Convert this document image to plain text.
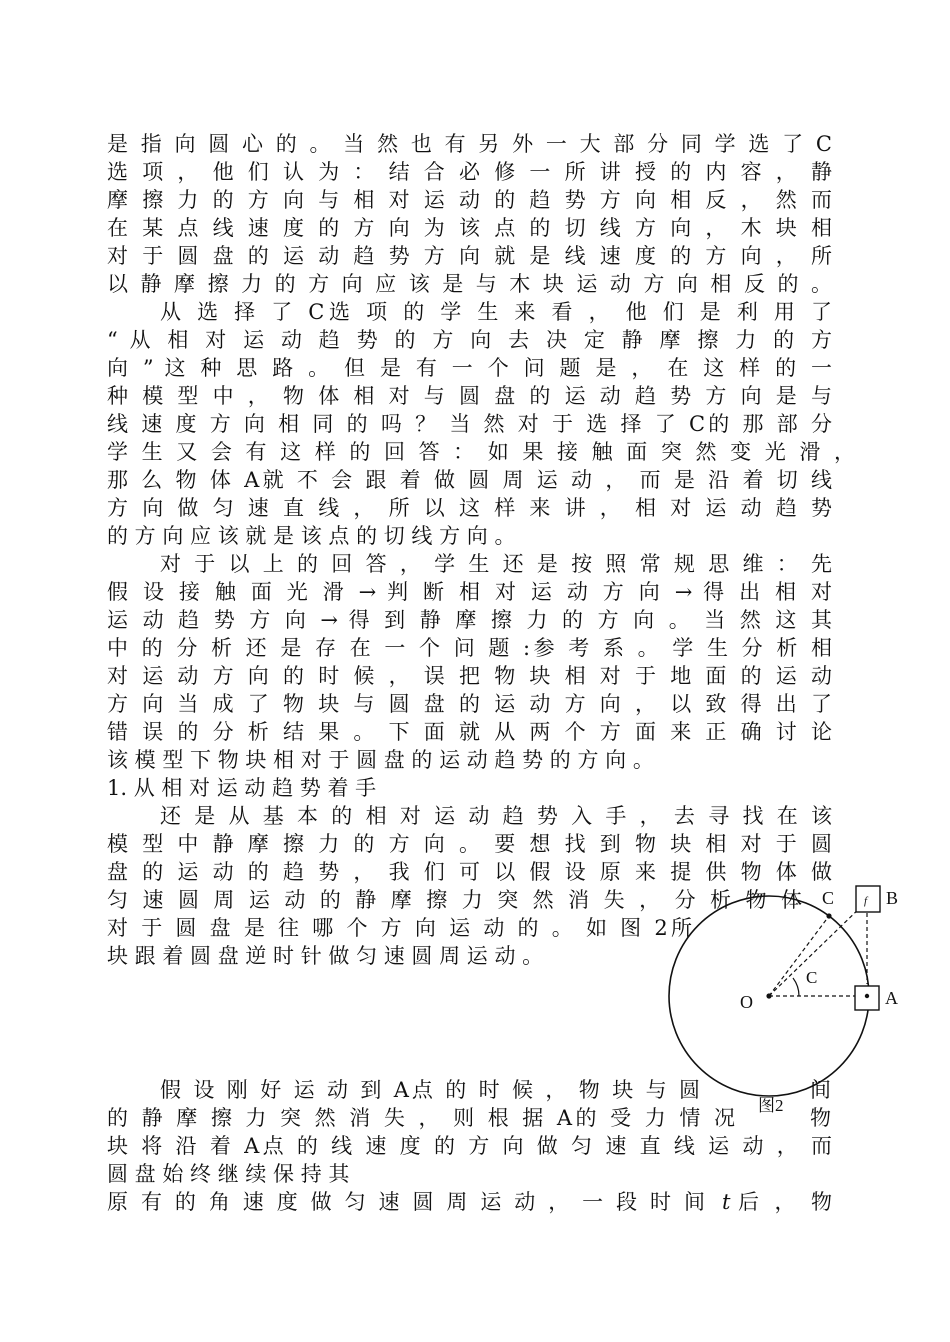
是 指 向 圆 心 的 。 当 然 也 有 另 外 一 大 部 分 同 学 选 了 C
选 项 ， 他 们 认 为 ： 结 合 必 修 一 所 讲 授 的 内 容 ， 静
摩 擦 力 的 方 向 与 相 对 运 动 的 趋 势 方 向 相 反 ， 然 而
在 某 点 线 速 度 的 方 向 为 该 点 的 切 线 方 向 ， 木 块 相
对 于 圆 盘 的 运 动 趋 势 方 向 就 是 线 速 度 的 方 向 ， 所
以 静 摩 擦 力 的 方 向 应 该 是 与 木 块 运 动 方 向 相 反 的 。
从 选 择 了 C选 项 的 学 生 来 看 ， 他 们 是 利 用 了
“ 从 相 对 运 动 趋 势 的 方 向 去 决 定 静 摩 擦 力 的 方
向 ” 这 种 思 路 。 但 是 有 一 个 问 题 是 ， 在 这 样 的 一
种 模 型 中 ， 物 体 相 对 与 圆 盘 的 运 动 趋 势 方 向 是 与
线 速 度 方 向 相 同 的 吗 ？ 当 然 对 于 选 择 了 C的 那 部 分
学 生 又 会 有 这 样 的 回 答 ： 如 果 接 触 面 突 然 变 光 滑 ，
那 么 物 体 A就 不 会 跟 着 做 圆 周 运 动 ， 而 是 沿 着 切 线
方 向 做 匀 速 直 线 ， 所 以 这 样 来 讲 ， 相 对 运 动 趋 势
的 方 向 应 该 就 是 该 点 的 切 线 方 向 。
对 于 以 上 的 回 答 ， 学 生 还 是 按 照 常 规 思 维 ： 先
假 设 接 触 面 光 滑 → 判 断 相 对 运 动 方 向 → 得 出 相 对
运 动 趋 势 方 向 → 得 到 静 摩 擦 力 的 方 向 。 当 然 这 其
中 的 分 析 还 是 存 在 一 个 问 题 :参 考 系 。 学 生 分 析 相
对 运 动 方 向 的 时 候 ， 误 把 物 块 相 对 于 地 面 的 运 动
方 向 当 成 了 物 块 与 圆 盘 的 运 动 方 向 ， 以 致 得 出 了
错 误 的 分 析 结 果 。 下 面 就 从 两 个 方 面 来 正 确 讨 论
该 模 型 下 物 块 相 对 于 圆 盘 的 运 动 趋 势 的 方 向 。
1. 从 相 对 运 动 趋 势 着 手
还 是 从 基 本 的 相 对 运 动 趋 势 入 手 ， 去 寻 找 在 该
模 型 中 静 摩 擦 力 的 方 向 。 要 想 找 到 物 块 相 对 于 圆
盘 的 运 动 的 趋 势 ， 我 们 可 以 假 设 原 来 提 供 物 体 做
匀 速 圆 周 运 动 的 静 摩 擦 力 突 然 消 失 ， 分 析 物 体
对 于 圆 盘 是 往 哪 个 方 向 运 动 的 。 如 图 2所
块 跟 着 圆 盘 逆 时 针 做 匀 速 圆 周 运 动 。
假 设 刚 好 运 动 到 A点 的 时 候 ， 物 块 与 圆	间
的 静 摩 擦 力 突 然 消 失 ， 则 根 据 A的 受 力 情 况	物
块 将 沿 着 A点 的 线 速 度 的 方 向 做 匀 速 直 线 运 动 ， 而
圆 盘 始 终 继 续 保 持 其
原 有 的 角 速 度 做 匀 速 圆 周 运 动 ， 一 段 时 间 t 后 ， 物
O	A
B
C
C
f
图2
